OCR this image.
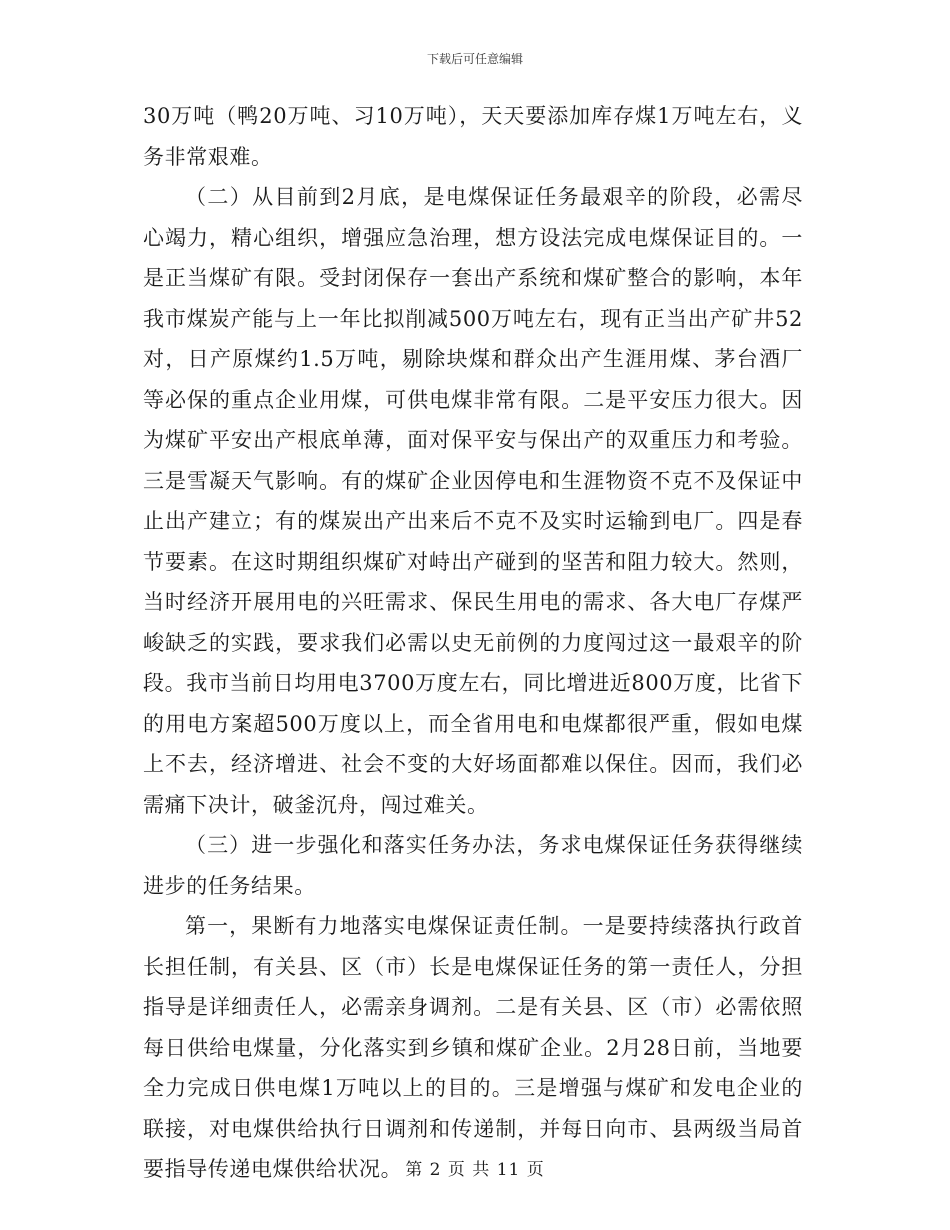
下载后可任意编辑

30万吨（鸭20万吨、习10万吨），天天要添加库存煤1万吨左右，义务非常艰难。

（二）从目前到2月底，是电煤保证任务最艰辛的阶段，必需尽心竭力，精心组织，增强应急治理，想方设法完成电煤保证目的。一是正当煤矿有限。受封闭保存一套出产系统和煤矿整合的影响，本年我市煤炭产能与上一年比拟削减500万吨左右，现有正当出产矿井52对，日产原煤约1.5万吨，剔除块煤和群众出产生涯用煤、茅台酒厂等必保的重点企业用煤，可供电煤非常有限。二是平安压力很大。因为煤矿平安出产根底单薄，面对保平安与保出产的双重压力和考验。三是雪凝天气影响。有的煤矿企业因停电和生涯物资不克不及保证中止出产建立；有的煤炭出产出来后不克不及实时运输到电厂。四是春节要素。在这时期组织煤矿对峙出产碰到的坚苦和阻力较大。然则，当时经济开展用电的兴旺需求、保民生用电的需求、各大电厂存煤严峻缺乏的实践，要求我们必需以史无前例的力度闯过这一最艰辛的阶段。我市当前日均用电3700万度左右，同比增进近800万度，比省下的用电方案超500万度以上，而全省用电和电煤都很严重，假如电煤上不去，经济增进、社会不变的大好场面都难以保住。因而，我们必需痛下决计，破釜沉舟，闯过难关。

（三）进一步强化和落实任务办法，务求电煤保证任务获得继续进步的任务结果。

第一，果断有力地落实电煤保证责任制。一是要持续落执行政首长担任制，有关县、区（市）长是电煤保证任务的第一责任人，分担指导是详细责任人，必需亲身调剂。二是有关县、区（市）必需依照每日供给电煤量，分化落实到乡镇和煤矿企业。2月28日前，当地要全力完成日供电煤1万吨以上的目的。三是增强与煤矿和发电企业的联接，对电煤供给执行日调剂和传递制，并每日向市、县两级当局首要指导传递电煤供给状况。 第 2 页 共 11 页
